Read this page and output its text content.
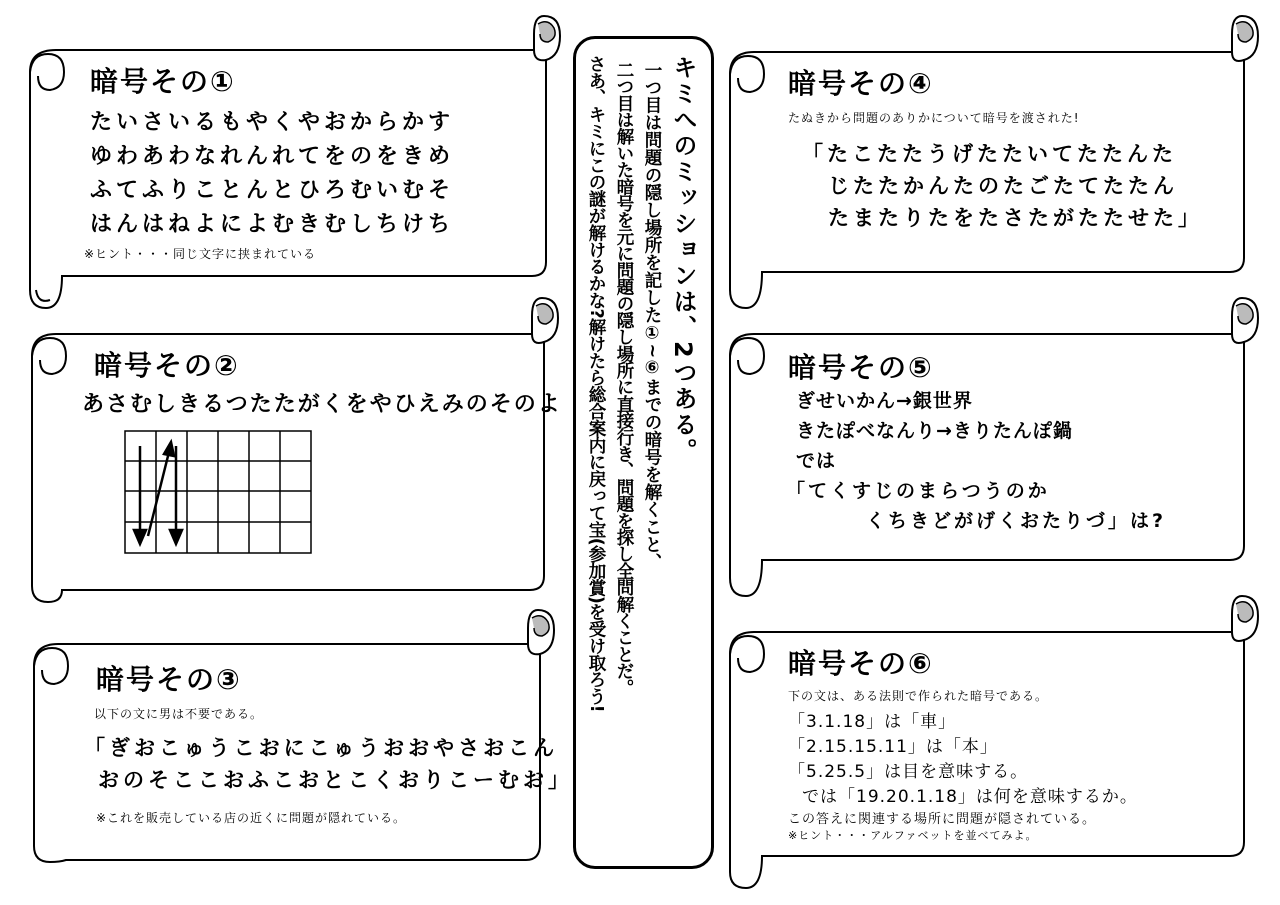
暗号その①
たいさいるもやくやおからかす
ゆわあわなれんれてをのをきめ
ふてふりことんとひろむいむそ
はんはねよによむきむしちけち
※ヒント・・・同じ文字に挟まれている
暗号その②
あさむしきるつたたがくをやひえみのそのよ
暗号その③
以下の文に男は不要である。
「ぎおこゅうこおにこゅうおおやさおこん
おのそここおふこおとこくおりこーむお」
※これを販売している店の近くに問題が隠れている。
キミへのミッションは、2つある。
一つ目は問題の隠し場所を記した①~⑥までの暗号を解くこと、
二つ目は解いた暗号を元に問題の隠し場所に直接行き、問題を探し全問解くことだ。
さあ、キミにこの謎が解けるかな?解けたら総合案内に戻って宝(参加賞)を受け取ろう!	暗号その④
たぬきから問題のありかについて暗号を渡された!
「たこたたうげたたいてたたんた
じたたかんたのたごたてたたん
たまたりたをたさたがたたせた」
暗号その⑤
ぎせいかん→銀世界
きたぽべなんり→きりたんぽ鍋
では
「てくすじのまらつうのか
くちきどがげくおたりづ」は?
暗号その⑥
下の文は、ある法則で作られた暗号である。
「3.1.18」は「車」
「2.15.15.11」は「本」
「5.25.5」は目を意味する。
では「19.20.1.18」は何を意味するか。
この答えに関連する場所に問題が隠されている。
※ヒント・・・アルファベットを並べてみよ。
